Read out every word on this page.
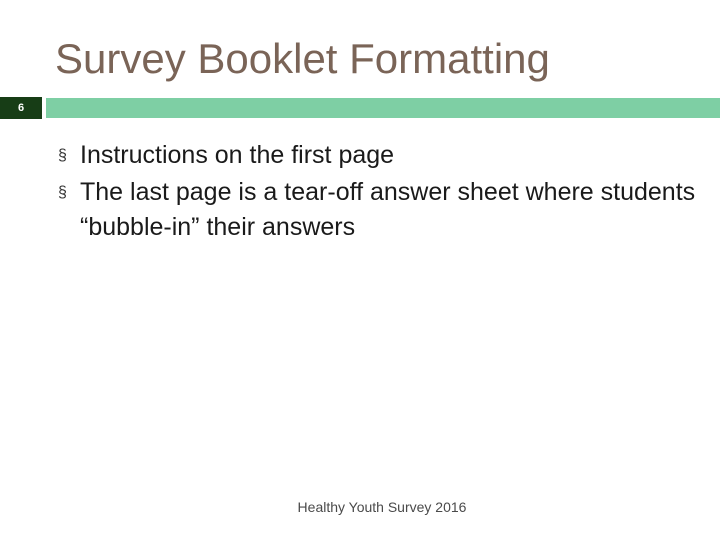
Survey Booklet Formatting
6
§ Instructions on the first page
§ The last page is a tear-off answer sheet where students “bubble-in” their answers
Healthy Youth Survey 2016
